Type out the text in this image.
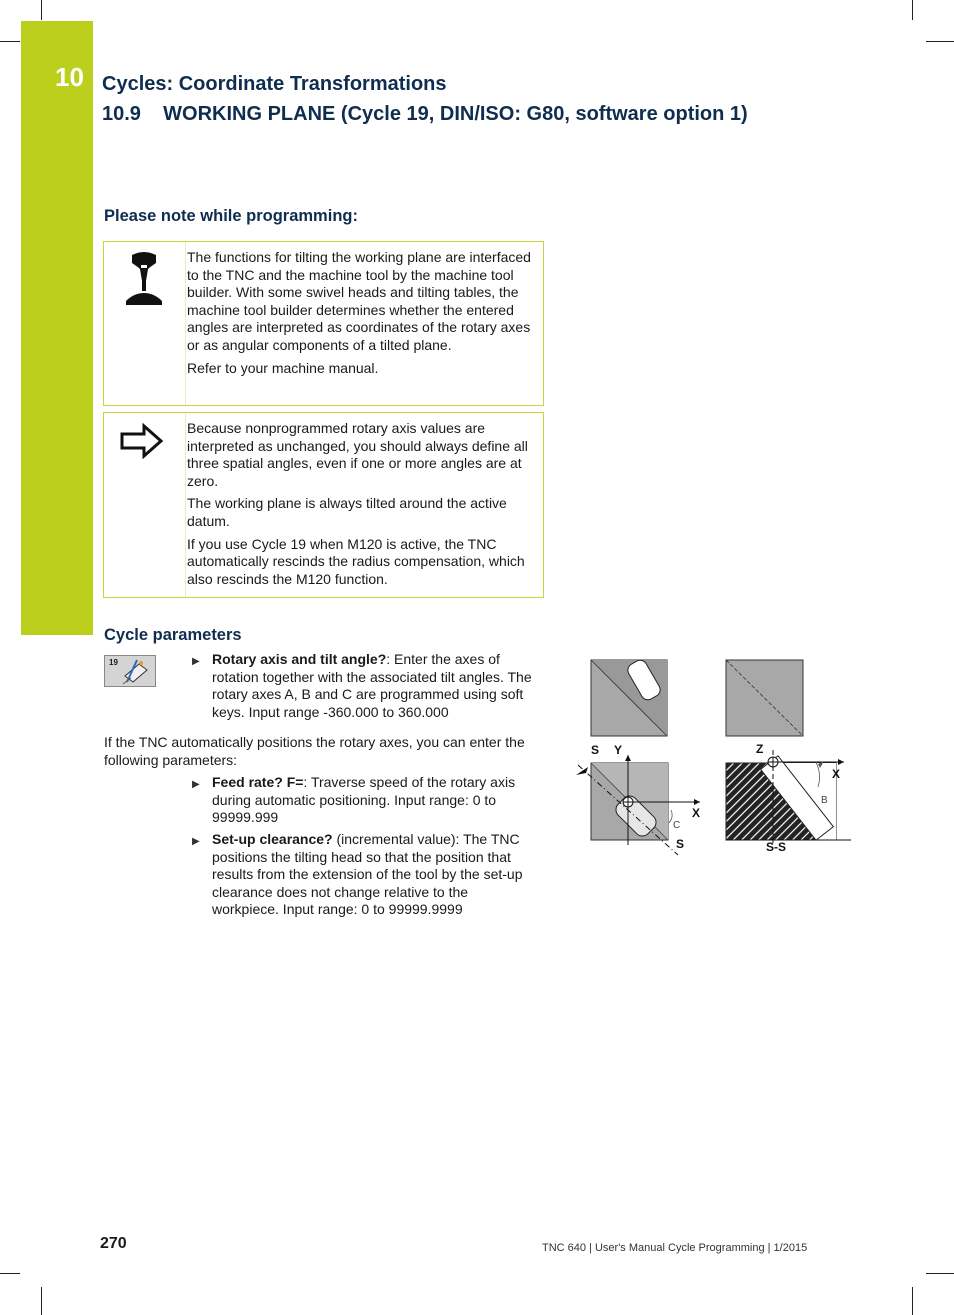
10 Cycles: Coordinate Transformations
10.9    WORKING PLANE (Cycle 19, DIN/ISO: G80, software option 1)
Please note while programming:

The functions for tilting the working plane are interfaced to the TNC and the machine tool by the machine tool builder. With some swivel heads and tilting tables, the machine tool builder determines whether the entered angles are interpreted as coordinates of the rotary axes or as angular components of a tilted plane.

Refer to your machine manual.

Because nonprogrammed rotary axis values are interpreted as unchanged, you should always define all three spatial angles, even if one or more angles are at zero.

The working plane is always tilted around the active datum.

If you use Cycle 19 when M120 is active, the TNC automatically rescinds the radius compensation, which also rescinds the M120 function.

Cycle parameters
19	▶ Rotary axis and tilt angle?: Enter the axes of rotation together with the associated tilt angles. The rotary axes A, B and C are programmed using soft keys. Input range -360.000 to 360.000
If the TNC automatically positions the rotary axes, you can enter the following parameters:
▶ Feed rate? F=: Traverse speed of the rotary axis during automatic positioning. Input range: 0 to 99999.999
▶ Set-up clearance? (incremental value): The TNC positions the tilting head so that the position that results from the extension of the tool by the set-up clearance does not change relative to the workpiece. Input range: 0 to 99999.9999
S Y
X
C
S
Z
X
B
S-S
270	TNC 640 | User's Manual Cycle Programming | 1/2015
